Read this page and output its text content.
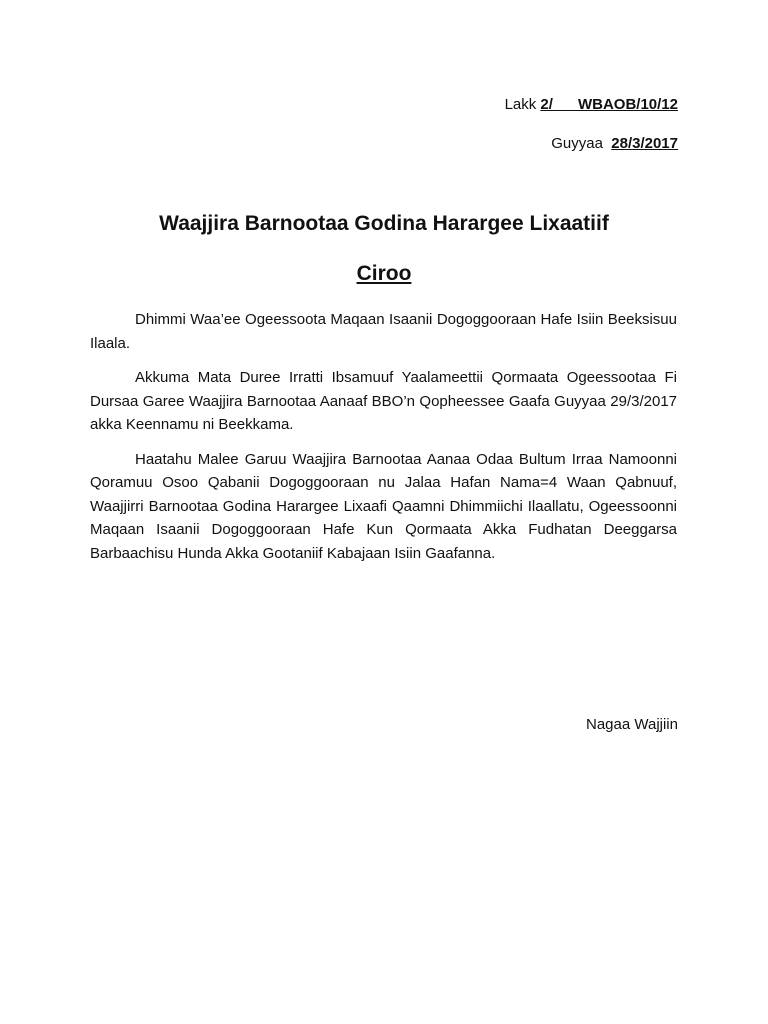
Lakk 2/___WBAOB/10/12
Guyyaa 28/3/2017
Waajjira Barnootaa Godina Harargee Lixaatiif
Ciroo

Dhimmi Waa’ee Ogeessoota Maqaan Isaanii Dogoggooraan Hafe Isiin Beeksisuu Ilaala.

Akkuma Mata Duree Irratti Ibsamuuf Yaalameettii Qormaata Ogeessootaa Fi Dursaa Garee Waajjira Barnootaa Aanaaf BBO’n Qopheessee Gaafa Guyyaa 29/3/2017 akka Keennamu ni Beekkama.

Haatahu Malee Garuu Waajjira Barnootaa Aanaa Odaa Bultum Irraa Namoonni Qoramuu Osoo Qabanii Dogoggooraan nu Jalaa Hafan Nama=4 Waan Qabnuuf, Waajjirri Barnootaa Godina Harargee Lixaafi Qaamni Dhimmiichi Ilaallatu, Ogeessoonni Maqaan Isaanii Dogoggooraan Hafe Kun Qormaata Akka Fudhatan Deeggarsa Barbaachisu Hunda Akka Gootaniif Kabajaan Isiin Gaafanna.

Nagaa Wajjiin
